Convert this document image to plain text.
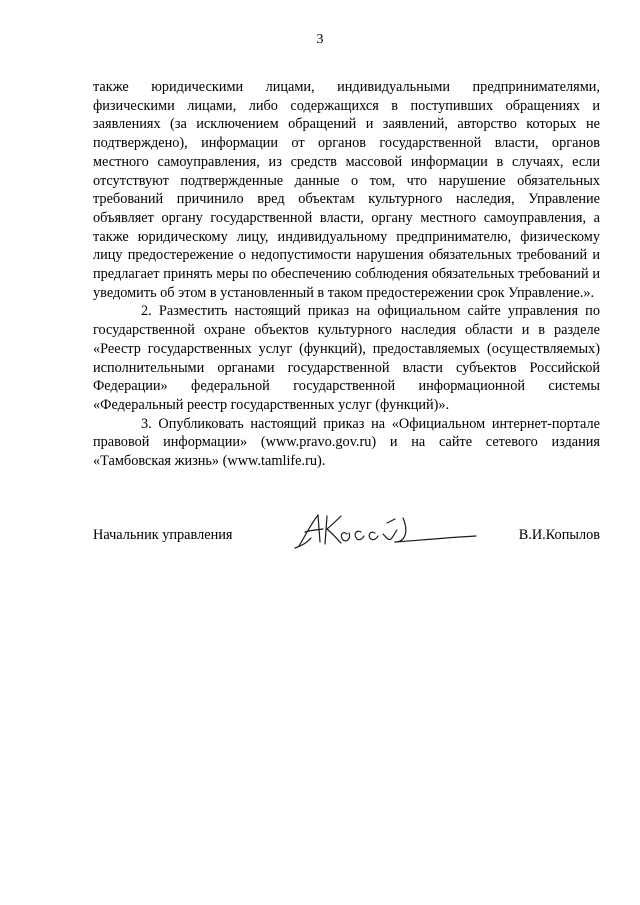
3

также юридическими лицами, индивидуальными предпринимателями, физическими лицами, либо содержащихся в поступивших обращениях и заявлениях (за исключением обращений и заявлений, авторство которых не подтверждено), информации от органов государственной власти, органов местного самоуправления, из средств массовой информации в случаях, если отсутствуют подтвержденные данные о том, что нарушение обязательных требований причинило вред объектам культурного наследия, Управление объявляет органу государственной власти, органу местного самоуправления, а также юридическому лицу, индивидуальному предпринимателю, физическому лицу предостережение о недопустимости нарушения обязательных требований и предлагает принять меры по обеспечению соблюдения обязательных требований и уведомить об этом в установленный в таком предостережении срок Управление.».

2. Разместить настоящий приказ на официальном сайте управления по государственной охране объектов культурного наследия области и в разделе «Реестр государственных услуг (функций), предоставляемых (осуществляемых) исполнительными органами государственной власти субъектов Российской Федерации» федеральной государственной информационной системы «Федеральный реестр государственных услуг (функций)».

3. Опубликовать настоящий приказ на «Официальном интернет-портале правовой информации» (www.pravo.gov.ru) и на сайте сетевого издания «Тамбовская жизнь» (www.tamlife.ru).

Начальник управления	В.И.Копылов
